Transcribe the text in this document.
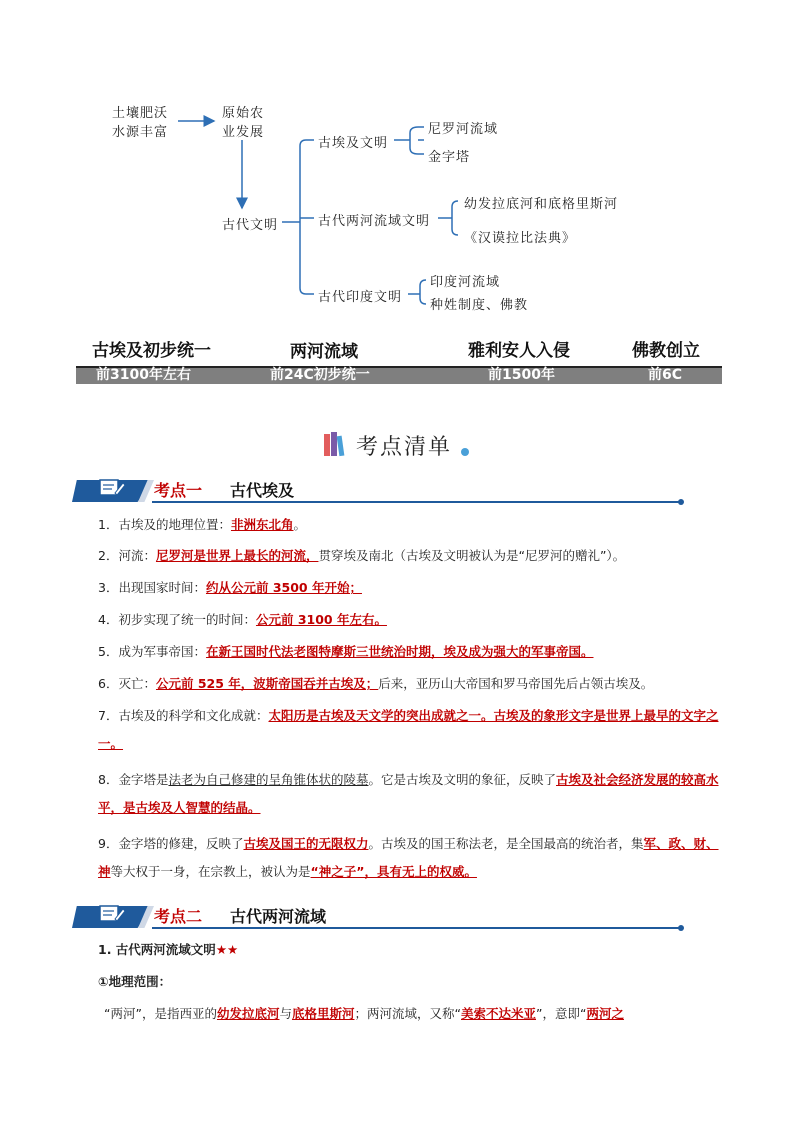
土壤肥沃
水源丰富
原始农
业发展
古代文明
古埃及文明
尼罗河流域
金字塔
古代两河流域文明
幼发拉底河和底格里斯河
《汉谟拉比法典》
古代印度文明
印度河流域
种姓制度、佛教
古埃及初步统一	两河流域	雅利安人入侵	佛教创立
前3100年左右	前24C初步统一	前1500年	前6C
考点清单
考点一 古代埃及
1．古埃及的地理位置：非洲东北角。
2．河流：尼罗河是世界上最长的河流，贯穿埃及南北（古埃及文明被认为是“尼罗河的赠礼”）。
3．出现国家时间：约从公元前 3500 年开始；
4．初步实现了统一的时间：公元前 3100 年左右。
5．成为军事帝国：在新王国时代法老图特摩斯三世统治时期，埃及成为强大的军事帝国。
6．灭亡：公元前 525 年，波斯帝国吞并古埃及；后来，亚历山大帝国和罗马帝国先后占领古埃及。
7．古埃及的科学和文化成就：太阳历是古埃及天文学的突出成就之一。古埃及的象形文字是世界上最早的文字之一。
8．金字塔是法老为自己修建的呈角锥体状的陵墓。它是古埃及文明的象征，反映了古埃及社会经济发展的较高水平，是古埃及人智慧的结晶。
9．金字塔的修建，反映了古埃及国王的无限权力。古埃及的国王称法老，是全国最高的统治者，集军、政、财、神等大权于一身，在宗教上，被认为是“神之子”，具有无上的权威。
考点二 古代两河流域
1. 古代两河流域文明★★
①地理范围：
“两河”，是指西亚的幼发拉底河与底格里斯河；两河流域，又称“美索不达米亚”，意即“两河之
